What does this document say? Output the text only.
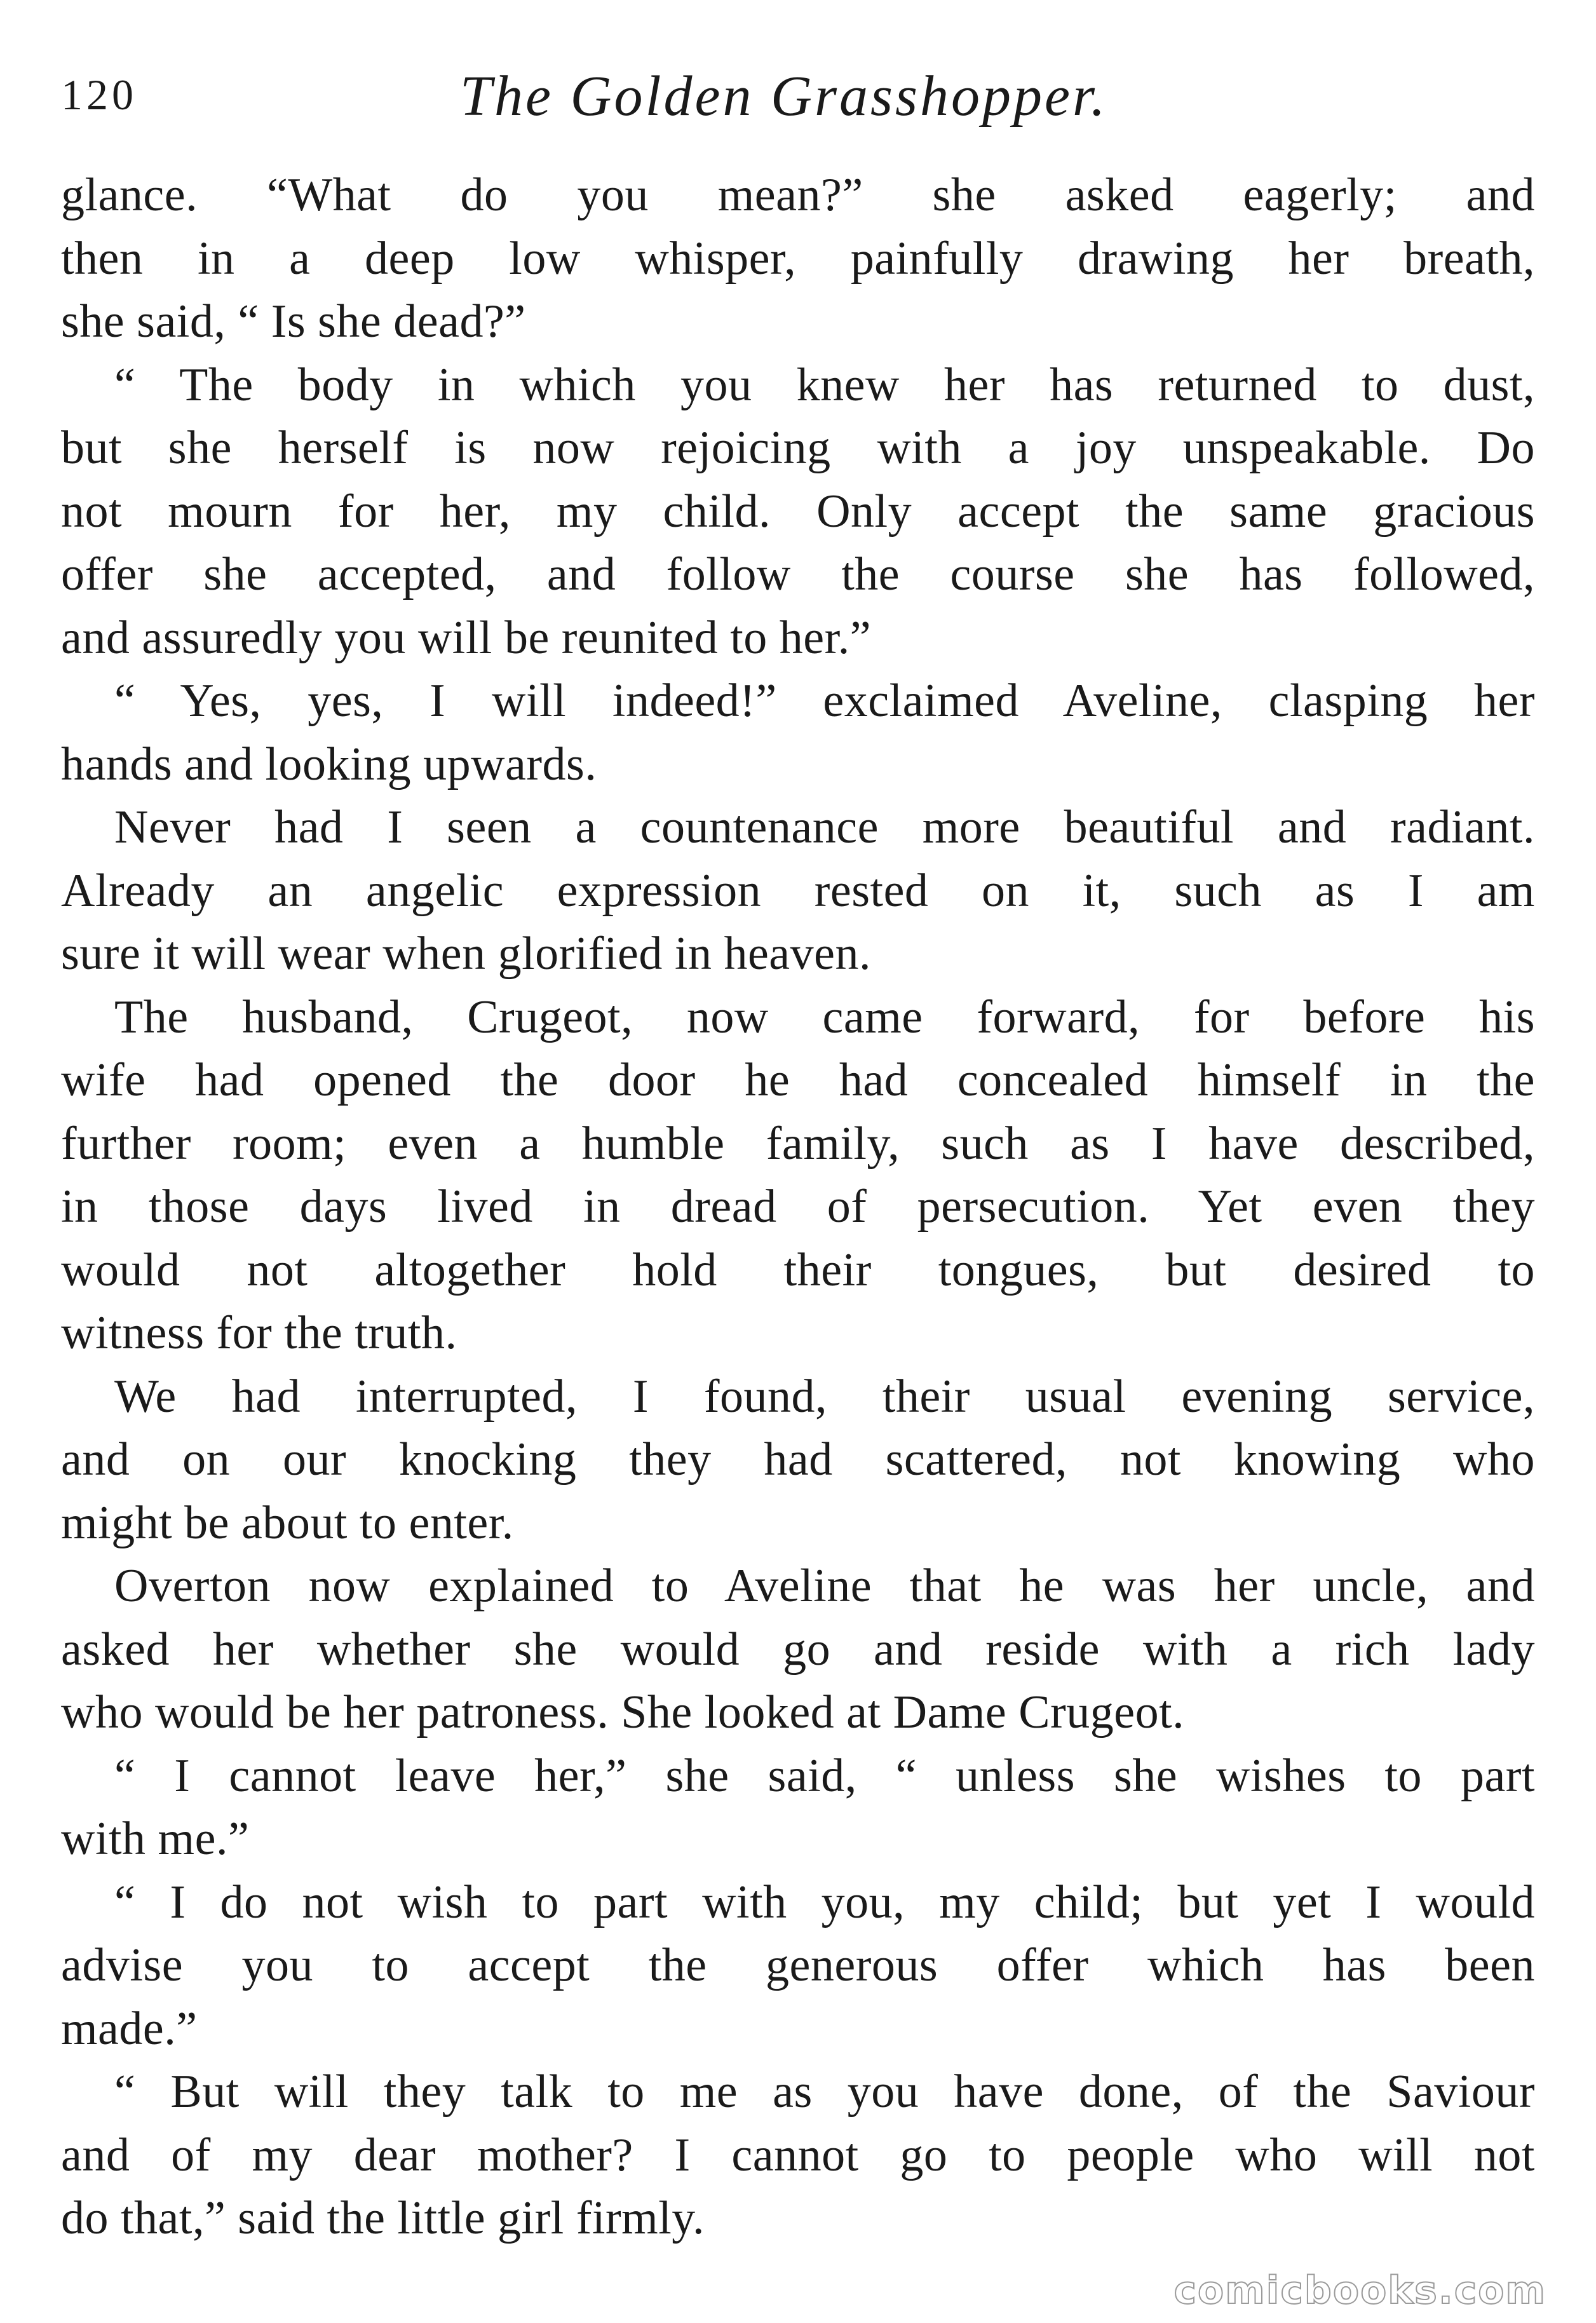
120	The Golden Grasshopper.
glance. “What do you mean?” she asked eagerly; and
then in a deep low whisper, painfully drawing her breath,
she said, “ Is she dead?”
“ The body in which you knew her has returned to dust,
but she herself is now rejoicing with a joy unspeakable. Do
not mourn for her, my child. Only accept the same gracious
offer she accepted, and follow the course she has followed,
and assuredly you will be reunited to her.”
“ Yes, yes, I will indeed!” exclaimed Aveline, clasping her
hands and looking upwards.
Never had I seen a countenance more beautiful and radiant.
Already an angelic expression rested on it, such as I am
sure it will wear when glorified in heaven.
The husband, Crugeot, now came forward, for before his
wife had opened the door he had concealed himself in the
further room; even a humble family, such as I have described,
in those days lived in dread of persecution. Yet even they
would not altogether hold their tongues, but desired to
witness for the truth.
We had interrupted, I found, their usual evening service,
and on our knocking they had scattered, not knowing who
might be about to enter.
Overton now explained to Aveline that he was her uncle, and
asked her whether she would go and reside with a rich lady
who would be her patroness. She looked at Dame Crugeot.
“ I cannot leave her,” she said, “ unless she wishes to part
with me.”
“ I do not wish to part with you, my child; but yet I would
advise you to accept the generous offer which has been
made.”
“ But will they talk to me as you have done, of the Saviour
and of my dear mother? I cannot go to people who will not
do that,” said the little girl firmly.
comicbooks.com
